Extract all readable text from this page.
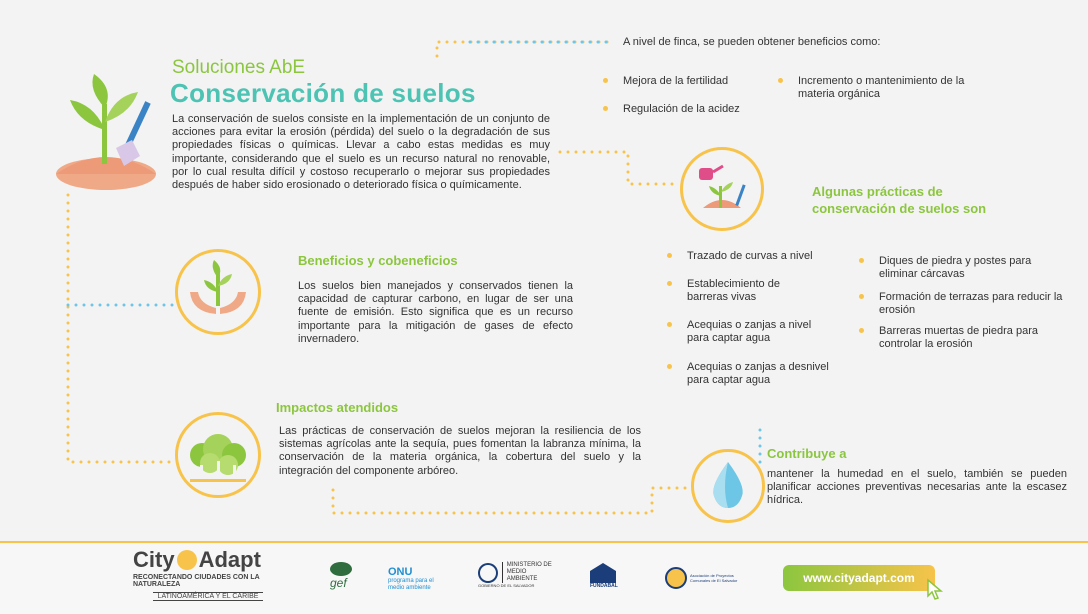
Soluciones AbE
Conservación de suelos
La conservación de suelos consiste en la implementación de un conjunto de acciones para evitar la erosión (pérdida) del suelo o la degradación de sus propiedades físicas o químicas. Llevar a cabo estas medidas es muy importante, considerando que el suelo es un recurso natural no renovable, por lo cual resulta difícil y costoso recuperarlo o mejorar sus propiedades después de haber sido erosionado o deteriorado física o químicamente.
A nivel de finca, se pueden obtener beneficios como:
Mejora de la fertilidad
Regulación de la acidez
Incremento o mantenimiento de la materia orgánica
Algunas prácticas de
conservación de suelos son
Trazado de curvas a nivel
Establecimiento de barreras vivas
Acequias o zanjas a nivel para captar agua
Acequias o zanjas a desnivel para captar agua
Diques de piedra y postes para eliminar cárcavas
Formación de terrazas para reducir la erosión
Barreras muertas de piedra para controlar la erosión
Beneficios y cobeneficios
Los suelos bien manejados y conservados tienen la capacidad de capturar carbono, en lugar de ser una fuente de emisión. Esto significa que es un recurso importante para la mitigación de gases de efecto invernadero.
Impactos atendidos
Las prácticas de conservación de suelos mejoran la resiliencia de los sistemas agrícolas ante la sequía, pues fomentan la labranza mínima, la conservación de la materia orgánica, la cobertura del suelo y la integración del componente arbóreo.
Contribuye a
mantener la humedad en el suelo, también se pueden planificar acciones preventivas necesarias ante la escasez hídrica.
City Adapt
RECONECTANDO CIUDADES CON LA NATURALEZA
LATINOAMÉRICA Y EL CARIBE
gef
ONU
programa para el medio ambiente
MINISTERIO DE MEDIO AMBIENTE
GOBIERNO DE EL SALVADOR	FUNDABAL
Asociación de Proyectos Comunales de El Salvador	www.cityadapt.com
